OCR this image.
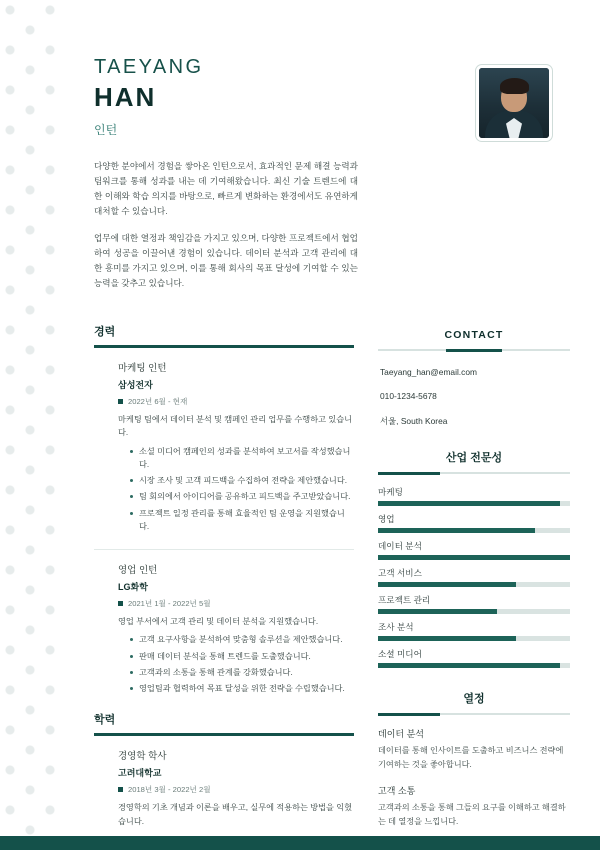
TAEYANG
HAN
인턴

다양한 분야에서 경험을 쌓아온 인턴으로서, 효과적인 문제 해결 능력과 팀워크를 통해 성과를 내는 데 기여해왔습니다. 최신 기술 트렌드에 대한 이해와 학습 의지를 바탕으로, 빠르게 변화하는 환경에서도 유연하게 대처할 수 있습니다.

업무에 대한 열정과 책임감을 가지고 있으며, 다양한 프로젝트에서 협업하여 성공을 이끌어낸 경험이 있습니다. 데이터 분석과 고객 관리에 대한 흥미를 가지고 있으며, 이를 통해 회사의 목표 달성에 기여할 수 있는 능력을 갖추고 있습니다.

경력
마케팅 인턴
삼성전자
2022년 6월 - 현재

마케팅 팀에서 데이터 분석 및 캠페인 관리 업무를 수행하고 있습니다.

소셜 미디어 캠페인의 성과를 분석하여 보고서를 작성했습니다.
시장 조사 및 고객 피드백을 수집하여 전략을 제안했습니다.
팀 회의에서 아이디어를 공유하고 피드백을 주고받았습니다.
프로젝트 일정 관리를 통해 효율적인 팀 운영을 지원했습니다.
영업 인턴
LG화학
2021년 1월 - 2022년 5월

영업 부서에서 고객 관리 및 데이터 분석을 지원했습니다.

고객 요구사항을 분석하여 맞춤형 솔루션을 제안했습니다.
판매 데이터 분석을 통해 트렌드를 도출했습니다.
고객과의 소통을 통해 관계를 강화했습니다.
영업팀과 협력하여 목표 달성을 위한 전략을 수립했습니다.
학력
경영학 학사
고려대학교
2018년 3월 - 2022년 2월

경영학의 기초 개념과 이론을 배우고, 실무에 적용하는 방법을 익혔습니다.

CONTACT
Taeyang_han@email.com
010-1234-5678
서울, South Korea
산업 전문성
마케팅
영업
데이터 분석
고객 서비스
프로젝트 관리
조사 분석
소셜 미디어
열정
데이터 분석

데이터를 통해 인사이트를 도출하고 비즈니스 전략에 기여하는 것을 좋아합니다.

고객 소통

고객과의 소통을 통해 그들의 요구를 이해하고 해결하는 데 열정을 느낍니다.
